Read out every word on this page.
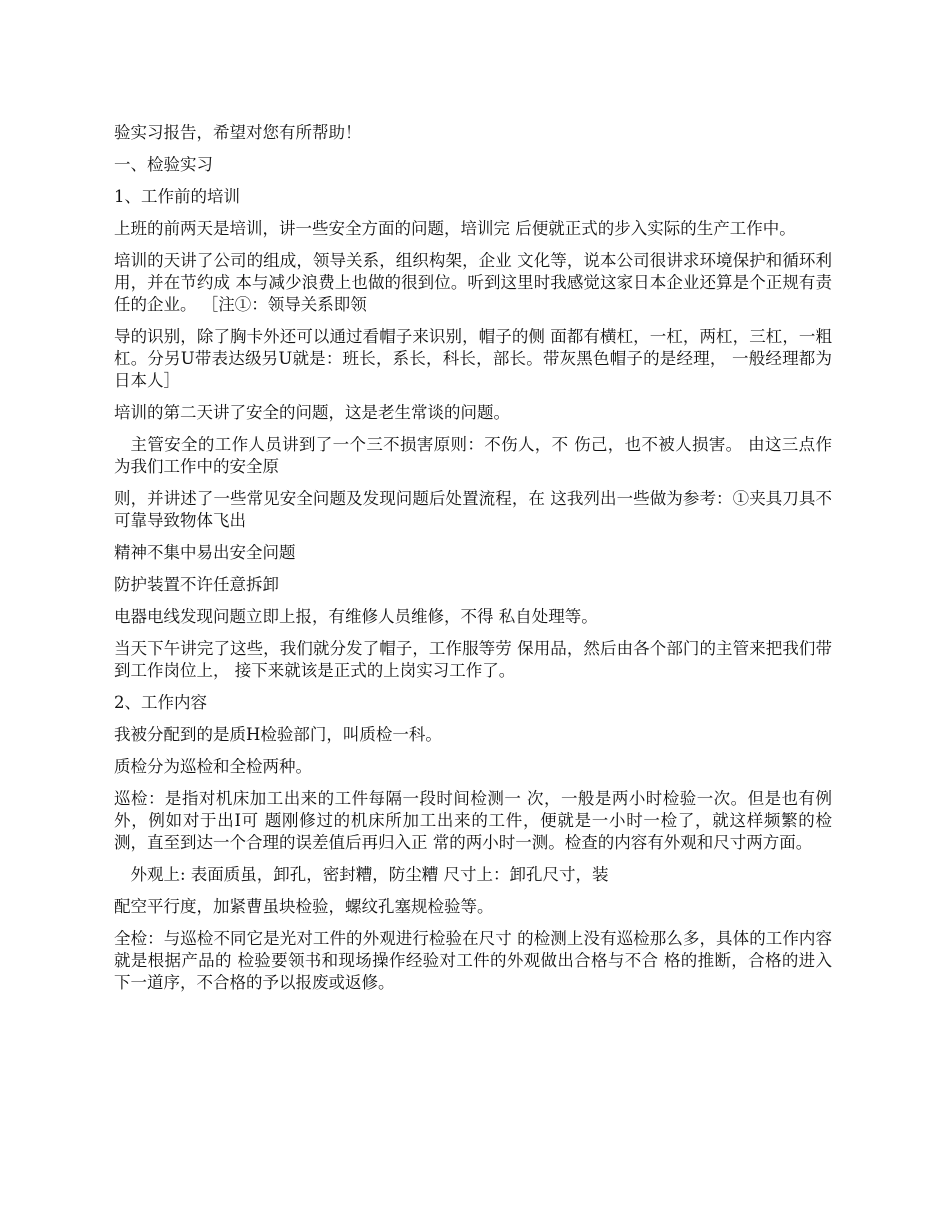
验实习报告，希望对您有所帮助！

一、检验实习

1、工作前的培训

上班的前两天是培训，讲一些安全方面的问题，培训完 后便就正式的步入实际的生产工作中。

培训的天讲了公司的组成，领导关系，组织构架，企业 文化等，说本公司很讲求环境保护和循环利用，并在节约成 本与减少浪费上也做的很到位。听到这里时我感觉这家日本企业还算是个正规有责任的企业。 ［注①：领导关系即领

导的识别，除了胸卡外还可以通过看帽子来识别，帽子的侧 面都有横杠，一杠，两杠，三杠，一粗杠。分另U带表达级另U就是：班长，系长，科长，部长。带灰黑色帽子的是经理， 一般经理都为日本人］

培训的第二天讲了安全的问题，这是老生常谈的问题。

主管安全的工作人员讲到了一个三不损害原则：不伤人，不 伤己，也不被人损害。 由这三点作为我们工作中的安全原

则，并讲述了一些常见安全问题及发现问题后处置流程，在 这我列出一些做为参考：①夹具刀具不可靠导致物体飞出

精神不集中易出安全问题

防护装置不许任意拆卸

电器电线发现问题立即上报，有维修人员维修，不得 私自处理等。

当天下午讲完了这些，我们就分发了帽子，工作服等劳 保用品，然后由各个部门的主管来把我们带到工作岗位上， 接下来就该是正式的上岗实习工作了。

2、工作内容

我被分配到的是质H检验部门，叫质检一科。

质检分为巡检和全检两种。

巡检：是指对机床加工出来的工件每隔一段时间检测一 次，一般是两小时检验一次。但是也有例外，例如对于出I可 题刚修过的机床所加工出来的工件，便就是一小时一检了，就这样频繁的检测，直至到达一个合理的误差值后再归入正 常的两小时一测。检查的内容有外观和尺寸两方面。

外观上: 表面质虽，卸孔，密封糟，防尘糟 尺寸上：卸孔尺寸，装

配空平行度，加紧曹虽块检验，螺纹孔塞规检验等。

全检：与巡检不同它是光对工件的外观进行检验在尺寸 的检测上没有巡检那么多，具体的工作内容就是根据产品的 检验要领书和现场操作经验对工件的外观做出合格与不合 格的推断，合格的进入下一道序，不合格的予以报废或返修。
